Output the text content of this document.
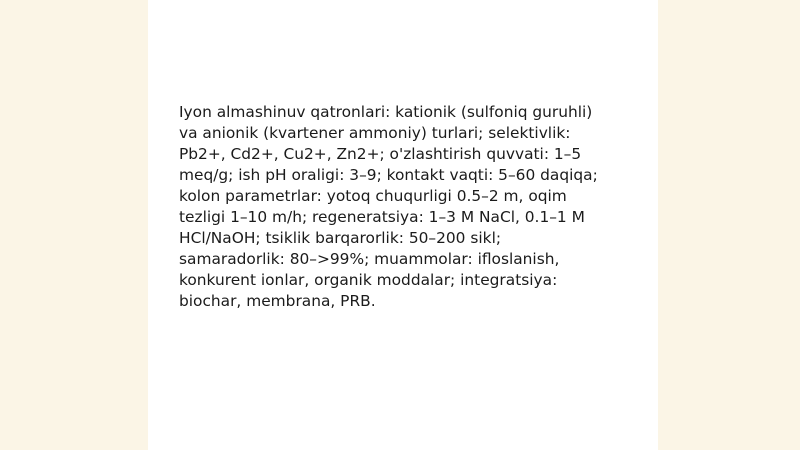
Iyon almashinuv qatronlari: kationik (sulfoniq guruhli)
va anionik (kvartener ammoniy) turlari; selektivlik:
Pb2+, Cd2+, Cu2+, Zn2+; o'zlashtirish quvvati: 1–5
meq/g; ish pH oraligi: 3–9; kontakt vaqti: 5–60 daqiqa;
kolon parametrlar: yotoq chuqurligi 0.5–2 m, oqim
tezligi 1–10 m/h; regeneratsiya: 1–3 M NaCl, 0.1–1 M
HCl/NaOH; tsiklik barqarorlik: 50–200 sikl;
samaradorlik: 80–>99%; muammolar: ifloslanish,
konkurent ionlar, organik moddalar; integratsiya:
biochar, membrana, PRB.
